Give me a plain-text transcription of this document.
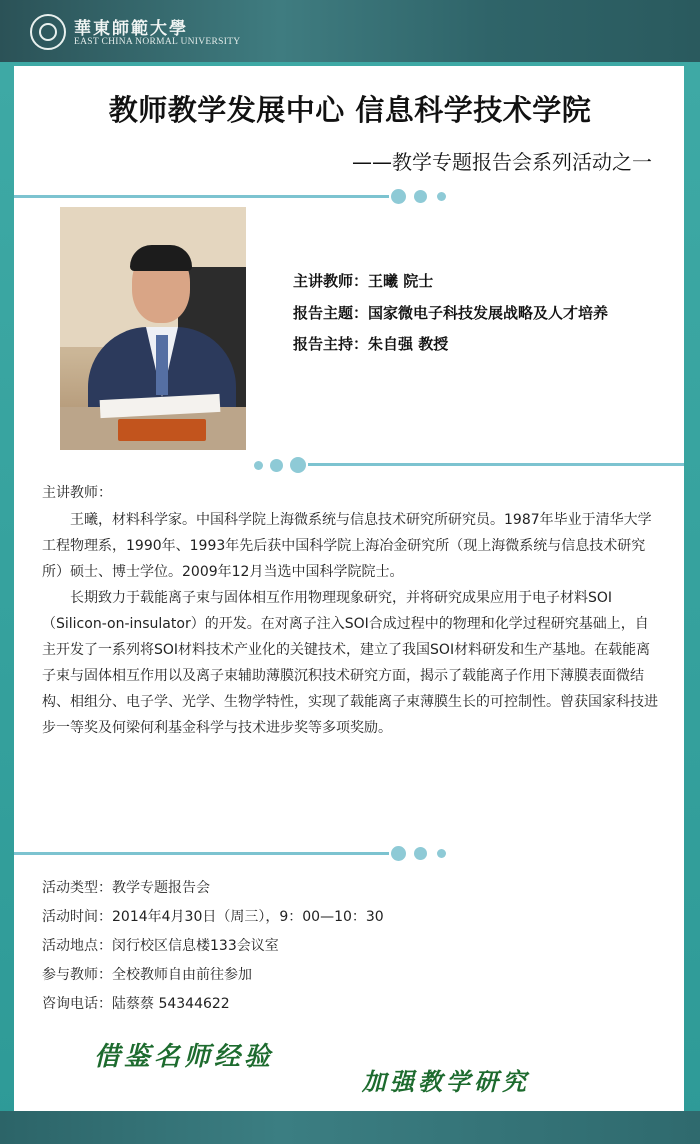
華東師範大學
EAST CHINA NORMAL UNIVERSITY
教师教学发展中心 信息科学技术学院
——教学专题报告会系列活动之一
主讲教师：王曦 院士
报告主题：国家微电子科技发展战略及人才培养
报告主持：朱自强 教授
主讲教师：

王曦，材料科学家。中国科学院上海微系统与信息技术研究所研究员。1987年毕业于清华大学工程物理系，1990年、1993年先后获中国科学院上海冶金研究所（现上海微系统与信息技术研究所）硕士、博士学位。2009年12月当选中国科学院院士。

长期致力于载能离子束与固体相互作用物理现象研究，并将研究成果应用于电子材料SOI（Silicon-on-insulator）的开发。在对离子注入SOI合成过程中的物理和化学过程研究基础上，自主开发了一系列将SOI材料技术产业化的关键技术，建立了我国SOI材料研发和生产基地。在载能离子束与固体相互作用以及离子束辅助薄膜沉积技术研究方面，揭示了载能离子作用下薄膜表面微结构、相组分、电子学、光学、生物学特性，实现了载能离子束薄膜生长的可控制性。曾获国家科技进步一等奖及何梁何利基金科学与技术进步奖等多项奖励。

活动类型：教学专题报告会
活动时间：2014年4月30日（周三），9：00—10：30
活动地点：闵行校区信息楼133会议室
参与教师：全校教师自由前往参加
咨询电话：陆蔡蔡 54344622
借鉴名师经验
加强教学研究
